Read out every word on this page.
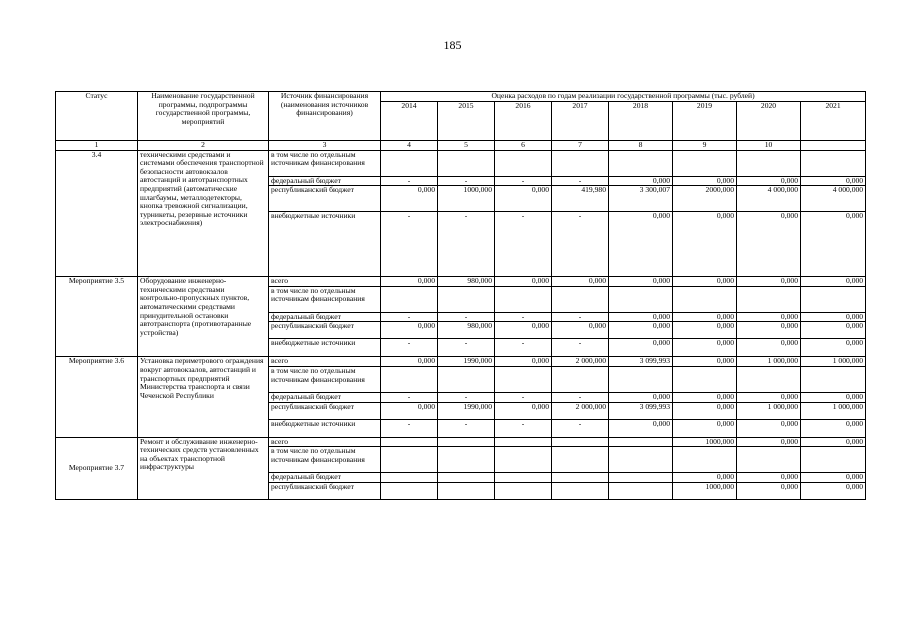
185
Статус	Наименование государственной программы, подпрограммы государственной программы, мероприятий	Источник финансирования (наименования источников финансирования)	Оценка расходов по годам реализации государственной программы (тыс. рублей)							
			2014	2015	2016	2017	2018	2019	2020	2021
1	2	3	4	5	6	7	8	9	10	
3.4	техническими средствами и системами обеспечения транспортной безопасности автовокзалов автостанций и автотранспортных предприятий (автоматические шлагбаумы, металлодетекторы, кнопка тревожной сигнализации, турникеты, резервные источники электроснабжения)	в том числе по отдельным источникам финансирования								
		федеральный бюджет	-	-	-	-	0,000	0,000	0,000	0,000
		республиканский бюджет	0,000	1000,000	0,000	419,980	3 300,007	2000,000	4 000,000	4 000,000
		внебюджетные источники	-	-	-	-	0,000	0,000	0,000	0,000
Мероприятие 3.5	Оборудование инженерно-техническими средствами контрольно-пропускных пунктов, автоматическими средствами принудительной остановки автотранспорта (противотаранные устройства)	всего	0,000	980,000	0,000	0,000	0,000	0,000	0,000	0,000
		в том числе по отдельным источникам финансирования								
		федеральный бюджет	-	-	-	-	0,000	0,000	0,000	0,000
		республиканский бюджет	0,000	980,000	0,000	0,000	0,000	0,000	0,000	0,000
		внебюджетные источники	-	-	-	-	0,000	0,000	0,000	0,000
Мероприятие 3.6	Установка периметрового ограждения вокруг автовокзалов, автостанций и транспортных предприятий Министерства транспорта и связи Чеченской Республики	всего	0,000	1990,000	0,000	2 000,000	3 099,993	0,000	1 000,000	1 000,000
		в том числе по отдельным источникам финансирования								
		федеральный бюджет	-	-	-	-	0,000	0,000	0,000	0,000
		республиканский бюджет	0,000	1990,000	0,000	2 000,000	3 099,993	0,000	1 000,000	1 000,000
		внебюджетные источники	-	-	-	-	0,000	0,000	0,000	0,000
Мероприятие 3.7	Ремонт и обслуживание инженерно-технических средств установленных на объектах транспортной инфраструктуры	всего						1000,000	0,000	0,000
		в том числе по отдельным источникам финансирования								
		федеральный бюджет						0,000	0,000	0,000
		республиканский бюджет						1000,000	0,000	0,000
